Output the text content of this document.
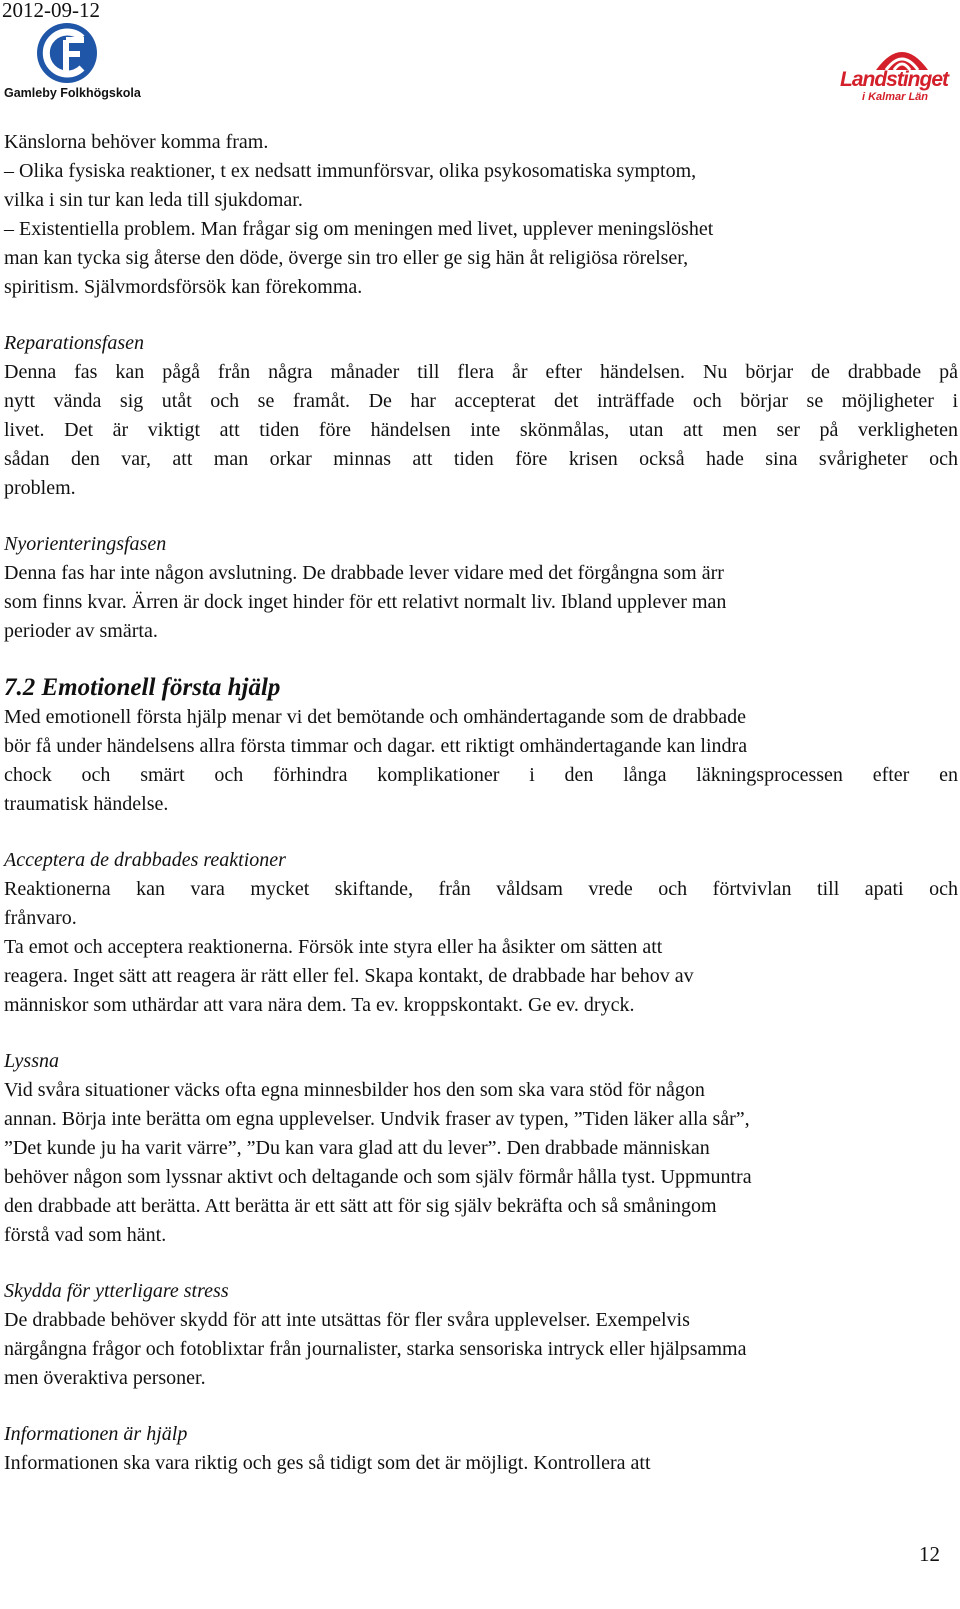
2012-09-12
Gamleby Folkhögskola
Landstinget
i Kalmar Län

Känslorna behöver komma fram.

– Olika fysiska reaktioner, t ex nedsatt immunförsvar, olika psykosomatiska symptom,

vilka i sin tur kan leda till sjukdomar.

– Existentiella problem. Man frågar sig om meningen med livet, upplever meningslöshet

man kan tycka sig återse den döde, överge sin tro eller ge sig hän åt religiösa rörelser,

spiritism. Självmordsförsök kan förekomma.

Reparationsfasen

Denna fas kan pågå från några månader till flera år efter händelsen. Nu börjar de drabbade på

nytt vända sig utåt och se framåt. De har accepterat det inträffade och börjar se möjligheter i

livet. Det är viktigt att tiden före händelsen inte skönmålas, utan att men ser på verkligheten

sådan den var, att man orkar minnas att tiden före krisen också hade sina svårigheter och

problem.

Nyorienteringsfasen

Denna fas har inte någon avslutning. De drabbade lever vidare med det förgångna som ärr

som finns kvar. Ärren är dock inget hinder för ett relativt normalt liv. Ibland upplever man

perioder av smärta.

7.2 Emotionell första hjälp

Med emotionell första hjälp menar vi det bemötande och omhändertagande som de drabbade

bör få under händelsens allra första timmar och dagar. ett riktigt omhändertagande kan lindra

chock och smärt och förhindra komplikationer i den långa läkningsprocessen efter en

traumatisk händelse.

Acceptera de drabbades reaktioner

Reaktionerna kan vara mycket skiftande, från våldsam vrede och förtvivlan till apati och

frånvaro.

Ta emot och acceptera reaktionerna. Försök inte styra eller ha åsikter om sätten att

reagera. Inget sätt att reagera är rätt eller fel. Skapa kontakt, de drabbade har behov av

människor som uthärdar att vara nära dem. Ta ev. kroppskontakt. Ge ev. dryck.

Lyssna

Vid svåra situationer väcks ofta egna minnesbilder hos den som ska vara stöd för någon

annan. Börja inte berätta om egna upplevelser. Undvik fraser av typen, ”Tiden läker alla sår”,

”Det kunde ju ha varit värre”, ”Du kan vara glad att du lever”. Den drabbade människan

behöver någon som lyssnar aktivt och deltagande och som själv förmår hålla tyst. Uppmuntra

den drabbade att berätta. Att berätta är ett sätt att för sig själv bekräfta och så småningom

förstå vad som hänt.

Skydda för ytterligare stress

De drabbade behöver skydd för att inte utsättas för fler svåra upplevelser. Exempelvis

närgångna frågor och fotoblixtar från journalister, starka sensoriska intryck eller hjälpsamma

men överaktiva personer.

Informationen är hjälp

Informationen ska vara riktig och ges så tidigt som det är möjligt. Kontrollera att

12
